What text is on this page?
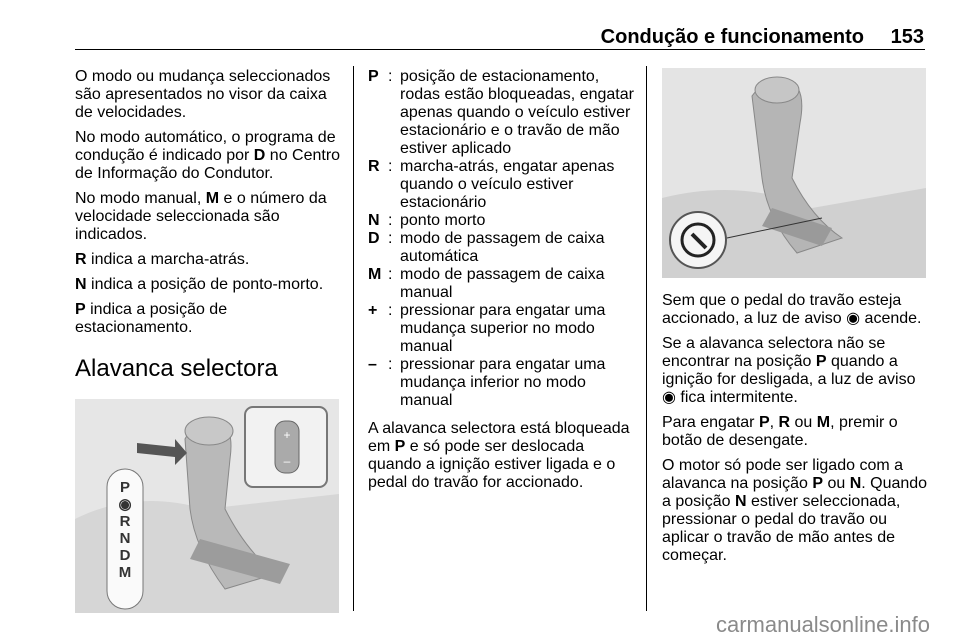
Condução e funcionamento 153

O modo ou mudança seleccionados são apresentados no visor da caixa de velocidades.

No modo automático, o programa de condução é indicado por D no Centro de Informação do Condutor.

No modo manual, M e o número da velocidade seleccionada são indicados.

R indica a marcha-atrás.

N indica a posição de ponto-morto.

P indica a posição de estacionamento.

Alavanca selectora
+
–
P
◉
R
N
D
M
P : posição de estacionamento, rodas estão bloqueadas, engatar apenas quando o veículo estiver estacionário e o travão de mão estiver aplicado
R : marcha-atrás, engatar apenas quando o veículo estiver estacionário
N : ponto morto
D : modo de passagem de caixa automática
M : modo de passagem de caixa manual
+ : pressionar para engatar uma mudança superior no modo manual
– : pressionar para engatar uma mudança inferior no modo manual

A alavanca selectora está bloqueada em P e só pode ser deslocada quando a ignição estiver ligada e o pedal do travão for accionado.

Sem que o pedal do travão esteja accionado, a luz de aviso ◉ acende.

Se a alavanca selectora não se encontrar na posição P quando a ignição for desligada, a luz de aviso ◉ fica intermitente.

Para engatar P, R ou M, premir o botão de desengate.

O motor só pode ser ligado com a alavanca na posição P ou N. Quando a posição N estiver seleccionada, pressionar o pedal do travão ou aplicar o travão de mão antes de começar.

carmanualsonline.info
